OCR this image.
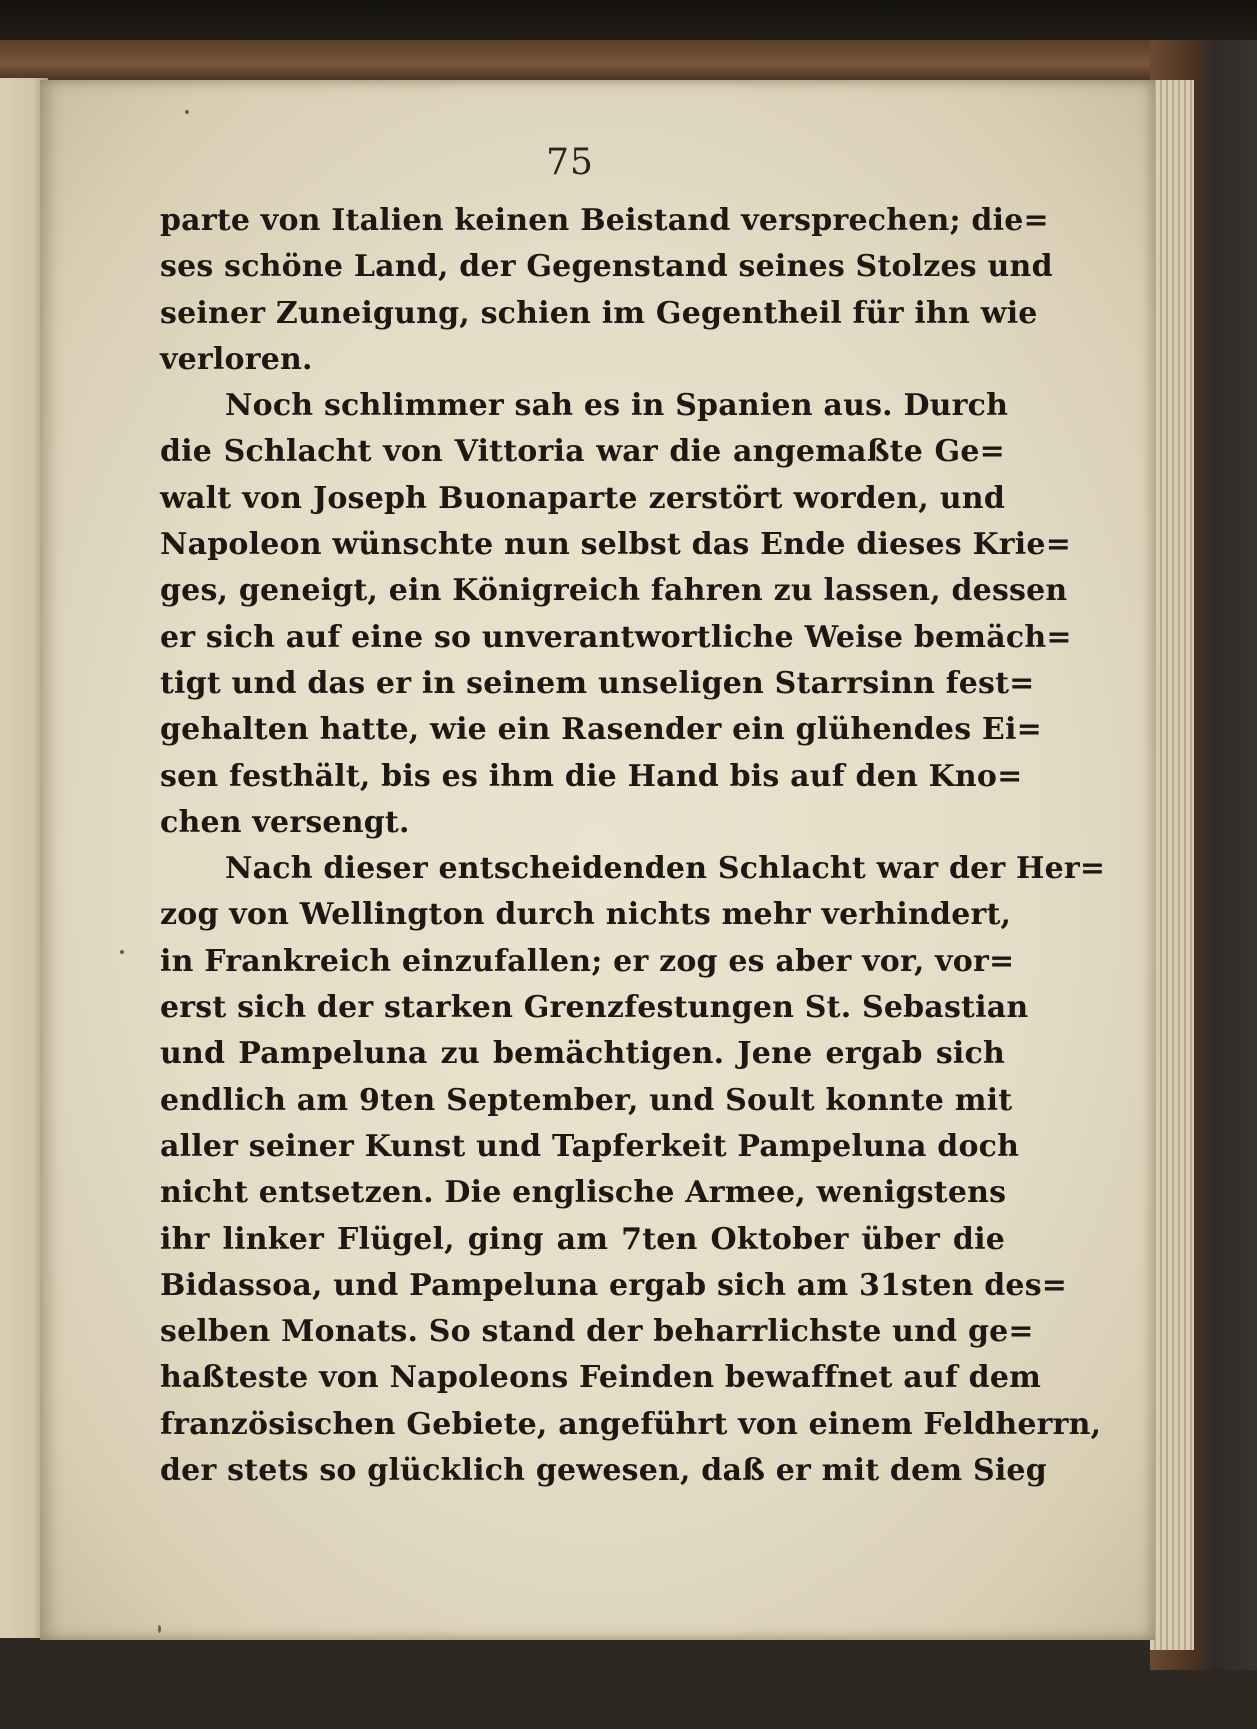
75
parte von Italien keinen Beistand versprechen; die=
ses schöne Land, der Gegenstand seines Stolzes und
seiner Zuneigung, schien im Gegentheil für ihn wie
verloren.
Noch schlimmer sah es in Spanien aus. Durch
die Schlacht von Vittoria war die angemaßte Ge=
walt von Joseph Buonaparte zerstört worden, und
Napoleon wünschte nun selbst das Ende dieses Krie=
ges, geneigt, ein Königreich fahren zu lassen, dessen
er sich auf eine so unverantwortliche Weise bemäch=
tigt und das er in seinem unseligen Starrsinn fest=
gehalten hatte, wie ein Rasender ein glühendes Ei=
sen festhält, bis es ihm die Hand bis auf den Kno=
chen versengt.
Nach dieser entscheidenden Schlacht war der Her=
zog von Wellington durch nichts mehr verhindert,
in Frankreich einzufallen; er zog es aber vor, vor=
erst sich der starken Grenzfestungen St. Sebastian
und Pampeluna zu bemächtigen. Jene ergab sich
endlich am 9ten September, und Soult konnte mit
aller seiner Kunst und Tapferkeit Pampeluna doch
nicht entsetzen. Die englische Armee, wenigstens
ihr linker Flügel, ging am 7ten Oktober über die
Bidassoa, und Pampeluna ergab sich am 31sten des=
selben Monats. So stand der beharrlichste und ge=
haßteste von Napoleons Feinden bewaffnet auf dem
französischen Gebiete, angeführt von einem Feldherrn,
der stets so glücklich gewesen, daß er mit dem Sieg
